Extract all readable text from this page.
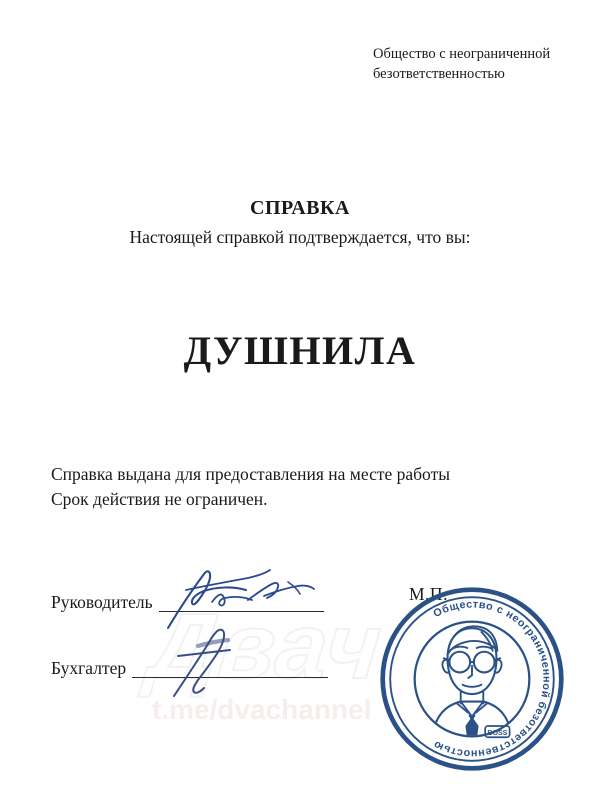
Двач
t.me/dvachannel
Общество с неограниченной безответственностью
СПРАВКА
Настоящей справкой подтверждается, что вы:
ДУШНИЛА
Справка выдана для предоставления на месте работы
Срок действия не ограничен.
Руководитель
Бухгалтер
М.П.
Общество с неограниченной безответственностью
BOSS
